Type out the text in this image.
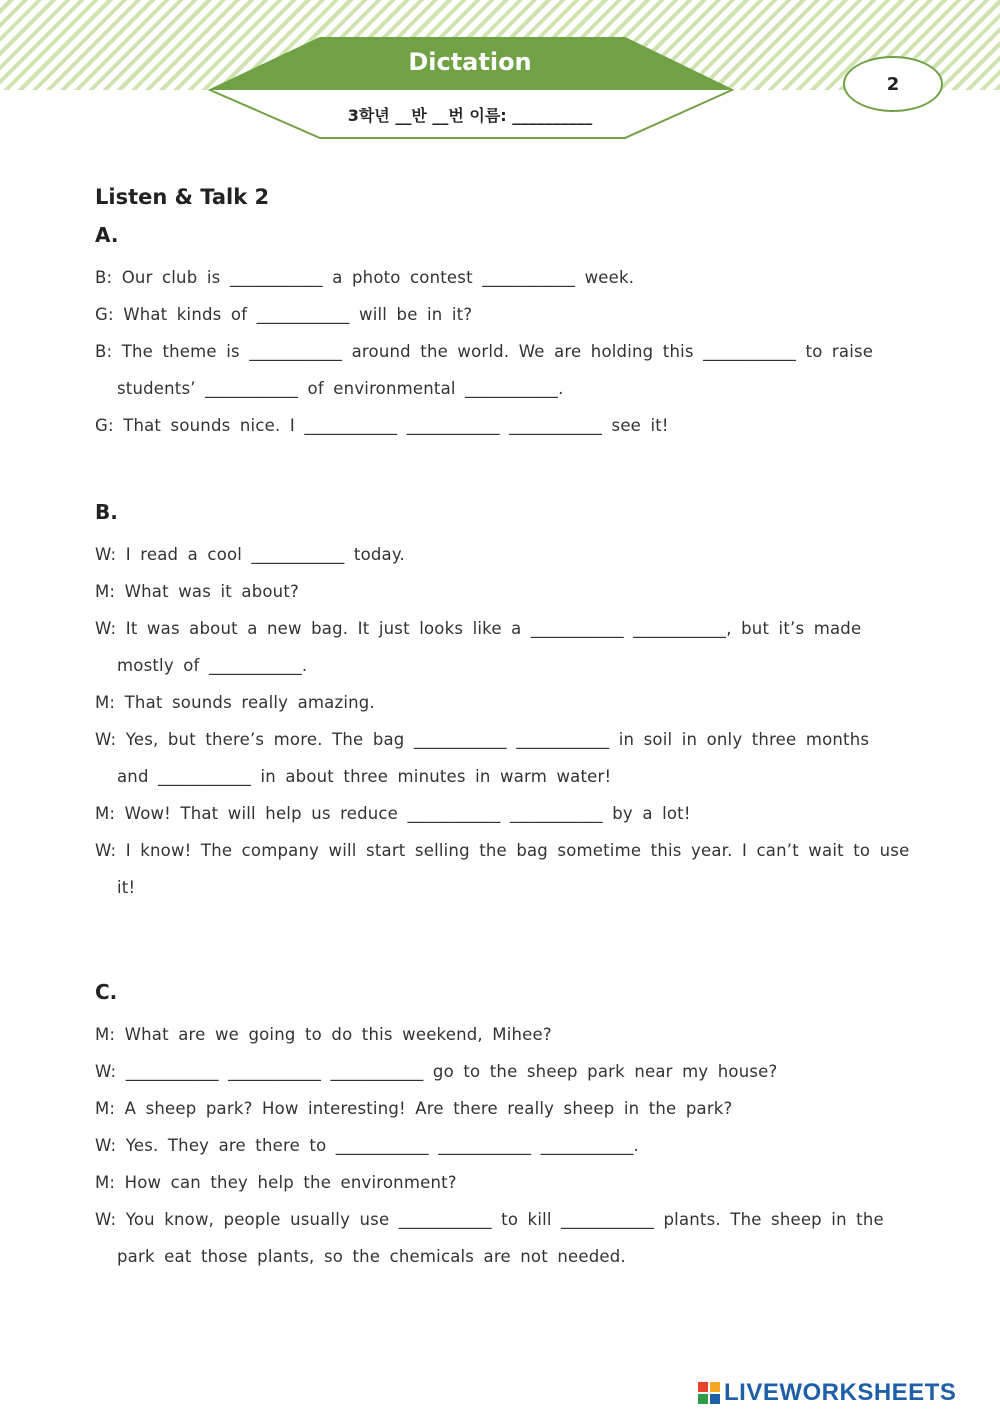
Dictation
3학년 __반 __번 이름: __________
2
Listen & Talk 2
A.

B: Our club is ___________ a photo contest ___________ week.

G: What kinds of ___________ will be in it?

B: The theme is ___________ around the world. We are holding this ___________ to raise

students’ ___________ of environmental ___________.

G: That sounds nice. I ___________ ___________ ___________ see it!

B.

W: I read a cool ___________ today.

M: What was it about?

W: It was about a new bag. It just looks like a ___________ ___________, but it’s made

mostly of ___________.

M: That sounds really amazing.

W: Yes, but there’s more. The bag ___________ ___________ in soil in only three months

and ___________ in about three minutes in warm water!

M: Wow! That will help us reduce ___________ ___________ by a lot!

W: I know! The company will start selling the bag sometime this year. I can’t wait to use

it!

C.

M: What are we going to do this weekend, Mihee?

W: ___________ ___________ ___________ go to the sheep park near my house?

M: A sheep park? How interesting! Are there really sheep in the park?

W: Yes. They are there to ___________ ___________ ___________.

M: How can they help the environment?

W: You know, people usually use ___________ to kill ___________ plants. The sheep in the

park eat those plants, so the chemicals are not needed.

LIVEWORKSHEETS
